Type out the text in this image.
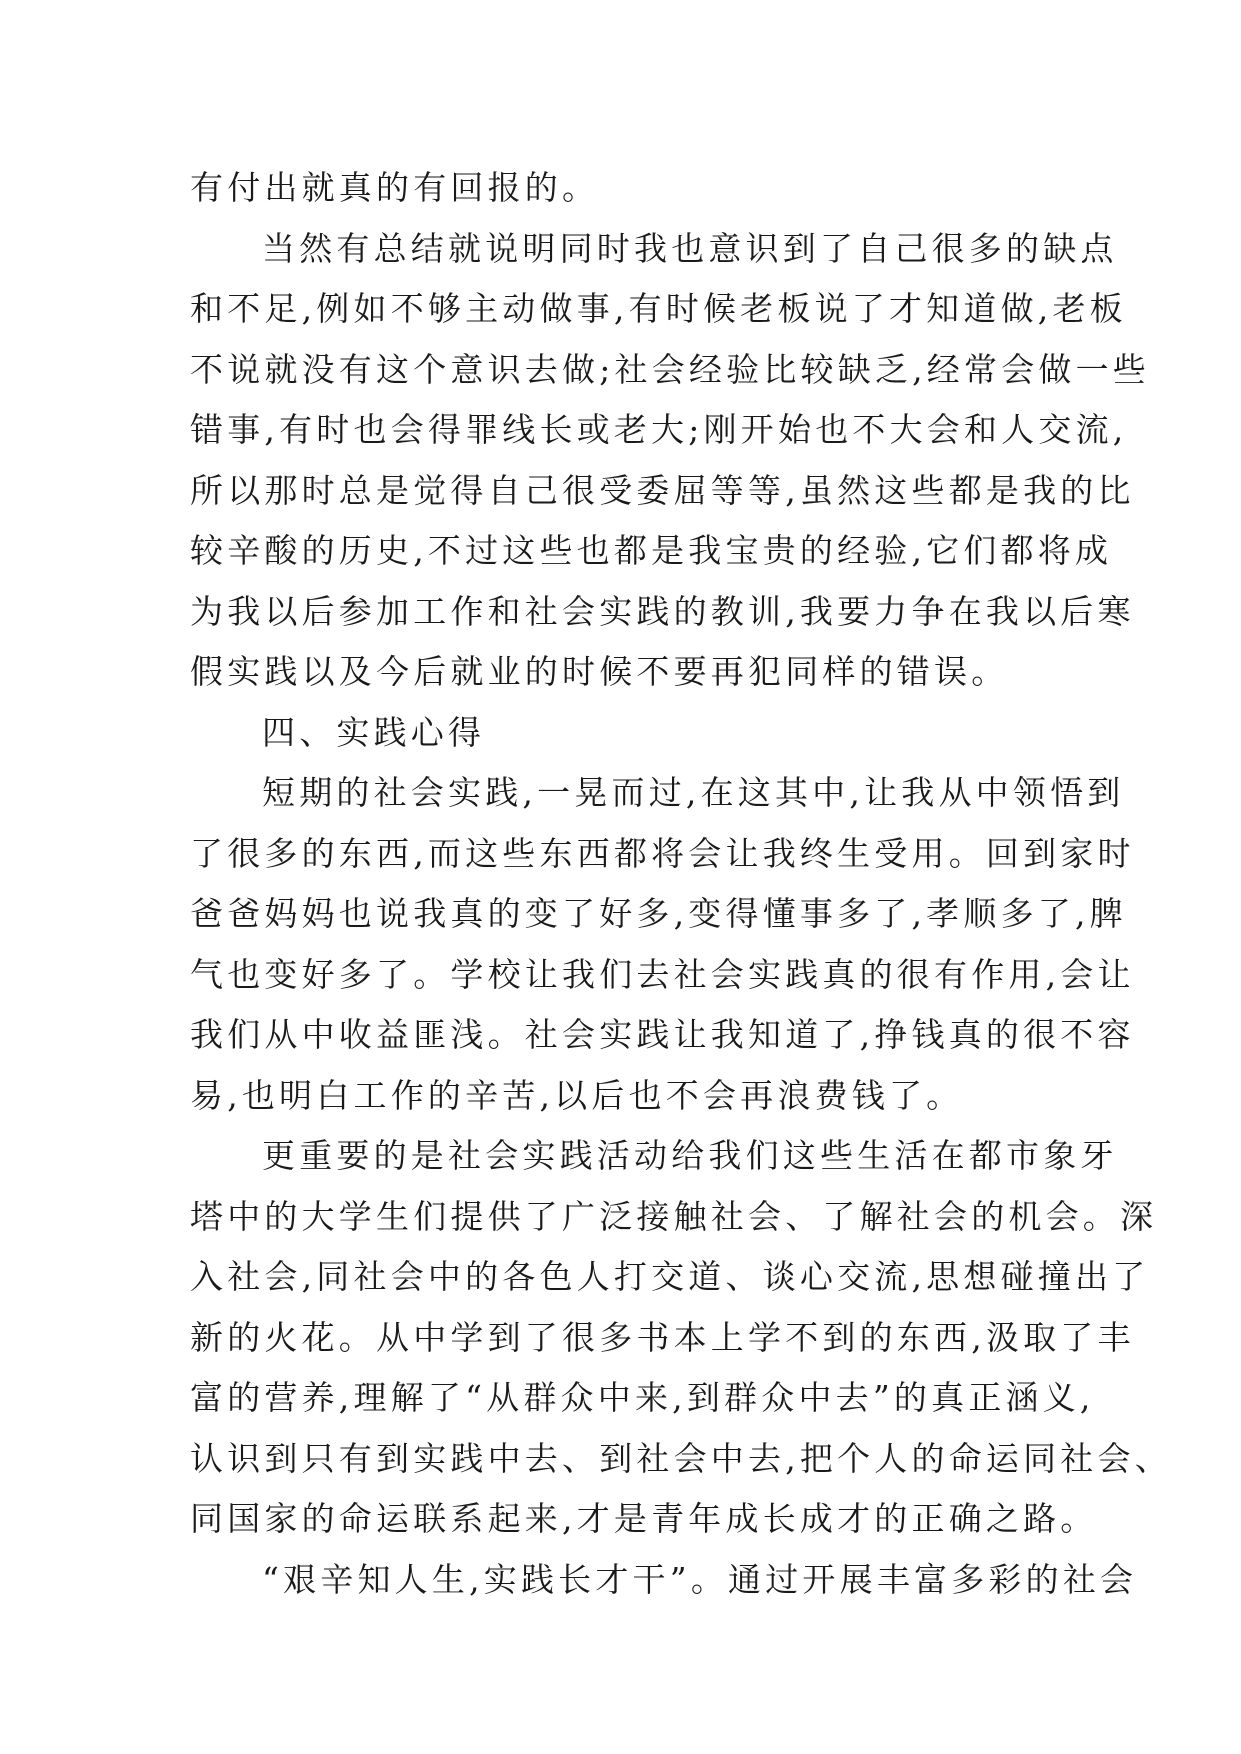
有付出就真的有回报的。
当然有总结就说明同时我也意识到了自己很多的缺点
和不足,例如不够主动做事,有时候老板说了才知道做,老板
不说就没有这个意识去做;社会经验比较缺乏,经常会做一些
错事,有时也会得罪线长或老大;刚开始也不大会和人交流,
所以那时总是觉得自己很受委屈等等,虽然这些都是我的比
较辛酸的历史,不过这些也都是我宝贵的经验,它们都将成
为我以后参加工作和社会实践的教训,我要力争在我以后寒
假实践以及今后就业的时候不要再犯同样的错误。
四、实践心得
短期的社会实践,一晃而过,在这其中,让我从中领悟到
了很多的东西,而这些东西都将会让我终生受用。回到家时
爸爸妈妈也说我真的变了好多,变得懂事多了,孝顺多了,脾
气也变好多了。学校让我们去社会实践真的很有作用,会让
我们从中收益匪浅。社会实践让我知道了,挣钱真的很不容
易,也明白工作的辛苦,以后也不会再浪费钱了。
更重要的是社会实践活动给我们这些生活在都市象牙
塔中的大学生们提供了广泛接触社会、了解社会的机会。深
入社会,同社会中的各色人打交道、谈心交流,思想碰撞出了
新的火花。从中学到了很多书本上学不到的东西,汲取了丰
富的营养,理解了“从群众中来,到群众中去”的真正涵义,
认识到只有到实践中去、到社会中去,把个人的命运同社会、
同国家的命运联系起来,才是青年成长成才的正确之路。
“艰辛知人生,实践长才干”。通过开展丰富多彩的社会
